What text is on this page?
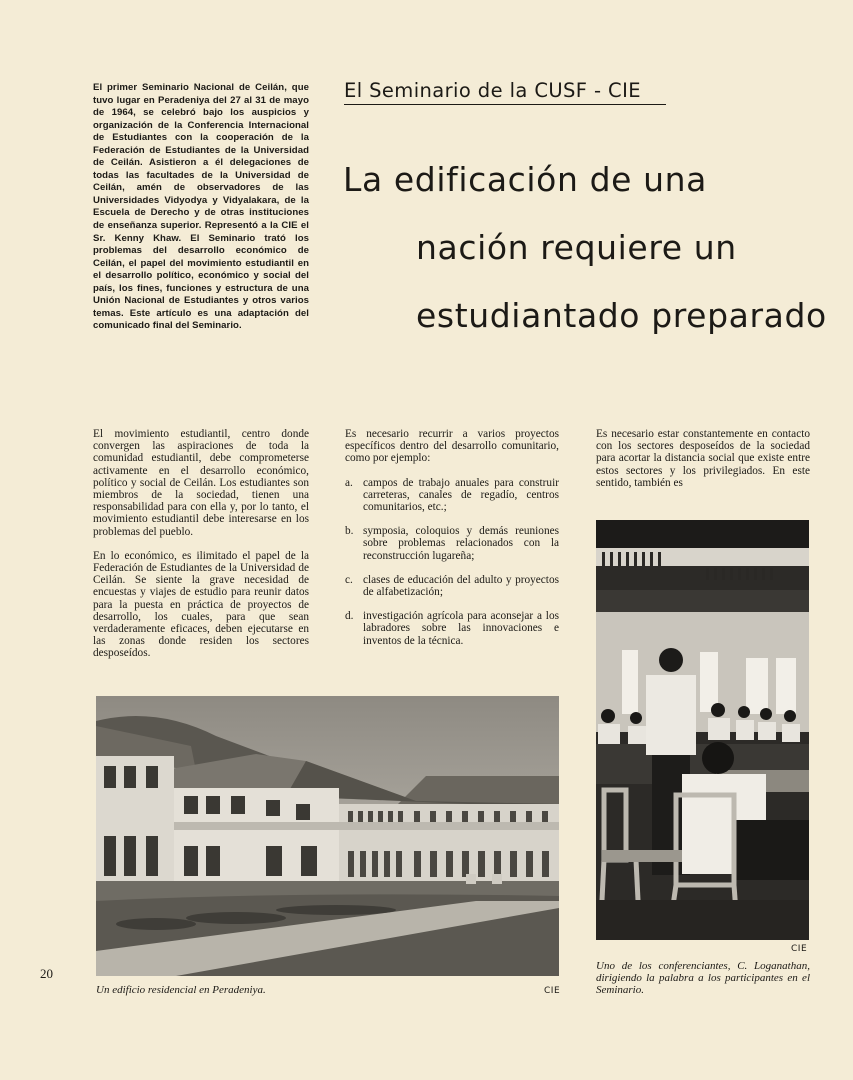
El primer Seminario Nacional de Ceilán, que tuvo lugar en Peradeniya del 27 al 31 de mayo de 1964, se celebró bajo los auspicios y organización de la Conferencia Internacional de Estudiantes con la cooperación de la Federación de Estudiantes de la Universidad de Ceilán. Asistieron a él delegaciones de todas las facultades de la Universidad de Ceilán, amén de observadores de las Universidades Vidyodya y Vidyalakara, de la Escuela de Derecho y de otras instituciones de enseñanza superior. Representó a la CIE el Sr. Kenny Khaw. El Seminario trató los problemas del desarrollo económico de Ceilán, el papel del movimiento estudiantil en el desarrollo político, económico y social del país, los fines, funciones y estructura de una Unión Nacional de Estudiantes y otros varios temas. Este artículo es una adaptación del comunicado final del Seminario.
El Seminario de la CUSF - CIE
La edificación de una
nación requiere un
estudiantado preparado

El movimiento estudiantil, centro donde convergen las aspiraciones de toda la comunidad estudiantil, debe comprometerse activamente en el desarrollo económico, político y social de Ceilán. Los estudiantes son miembros de la sociedad, tienen una responsabilidad para con ella y, por lo tanto, el movimiento estudiantil debe interesarse en los problemas del pueblo.

En lo económico, es ilimitado el papel de la Federación de Estudiantes de la Universidad de Ceilán. Se siente la grave necesidad de encuestas y viajes de estudio para reunir datos para la puesta en práctica de proyectos de desarrollo, los cuales, para que sean verdaderamente eficaces, deben ejecutarse en las zonas donde residen los sectores desposeídos.

Es necesario recurrir a varios proyectos específicos dentro del desarrollo comunitario, como por ejemplo:

a. campos de trabajo anuales para construir carreteras, canales de regadío, centros comunitarios, etc.;
b. symposia, coloquios y demás reuniones sobre problemas relacionados con la reconstrucción lugareña;
c. clases de educación del adulto y proyectos de alfabetización;
d. investigación agrícola para aconsejar a los labradores sobre las innovaciones e inventos de la técnica.

Es necesario estar constantemente en contacto con los sectores desposeídos de la sociedad para acortar la distancia social que existe entre estos sectores y los privilegiados. En este sentido, también es

CIE
CIE
Un edificio residencial en Peradeniya.
Uno de los conferenciantes, C. Loganathan, dirigiendo la palabra a los participantes en el Seminario.
20
